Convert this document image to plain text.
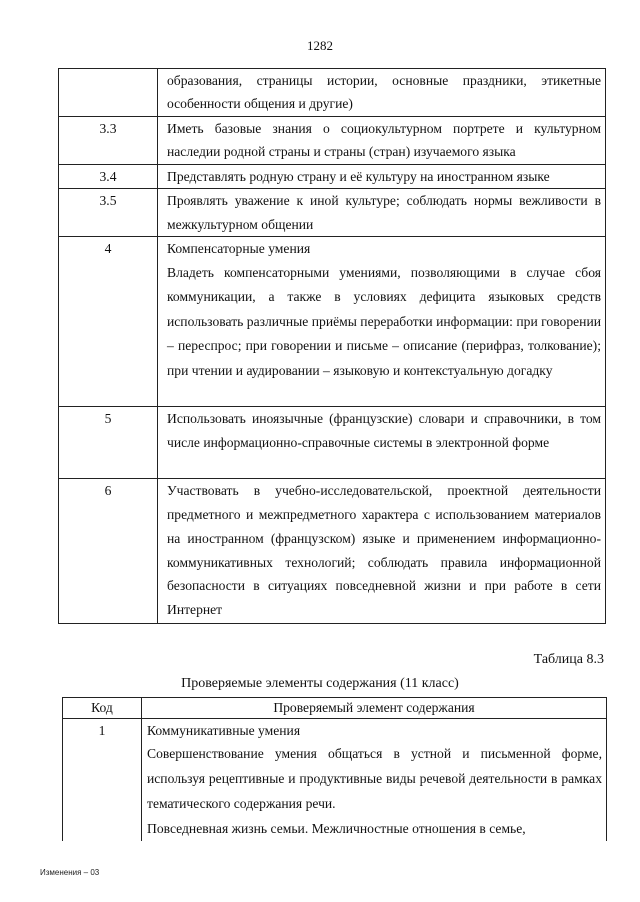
1282
	образования, страницы истории, основные праздники, этикетные особенности общения и другие)
3.3	Иметь базовые знания о социокультурном портрете и культурном наследии родной страны и страны (стран) изучаемого языка
3.4	Представлять родную страну и её культуру на иностранном языке
3.5	Проявлять уважение к иной культуре; соблюдать нормы вежливости в межкультурном общении
4	Компенсаторные умения
Владеть компенсаторными умениями, позволяющими в случае сбоя коммуникации, а также в условиях дефицита языковых средств использовать различные приёмы переработки информации: при говорении – переспрос; при говорении и письме – описание (перифраз, толкование); при чтении и аудировании – языковую и контекстуальную догадку

5	Использовать иноязычные (французские) словари и справочники, в том числе информационно-справочные системы в электронной форме
6	Участвовать в учебно-исследовательской, проектной деятельности предметного и межпредметного характера с использованием материалов на иностранном (французском) языке и применением информационно-коммуникативных технологий; соблюдать правила информационной безопасности в ситуациях повседневной жизни и при работе в сети Интернет
Таблица 8.3
Проверяемые элементы содержания (11 класс)
Код	Проверяемый элемент содержания
1	Коммуникативные умения
Совершенствование умения общаться в устной и письменной форме, используя рецептивные и продуктивные виды речевой деятельности в рамках тематического содержания речи.
Повседневная жизнь семьи. Межличностные отношения в семье,
Изменения – 03
